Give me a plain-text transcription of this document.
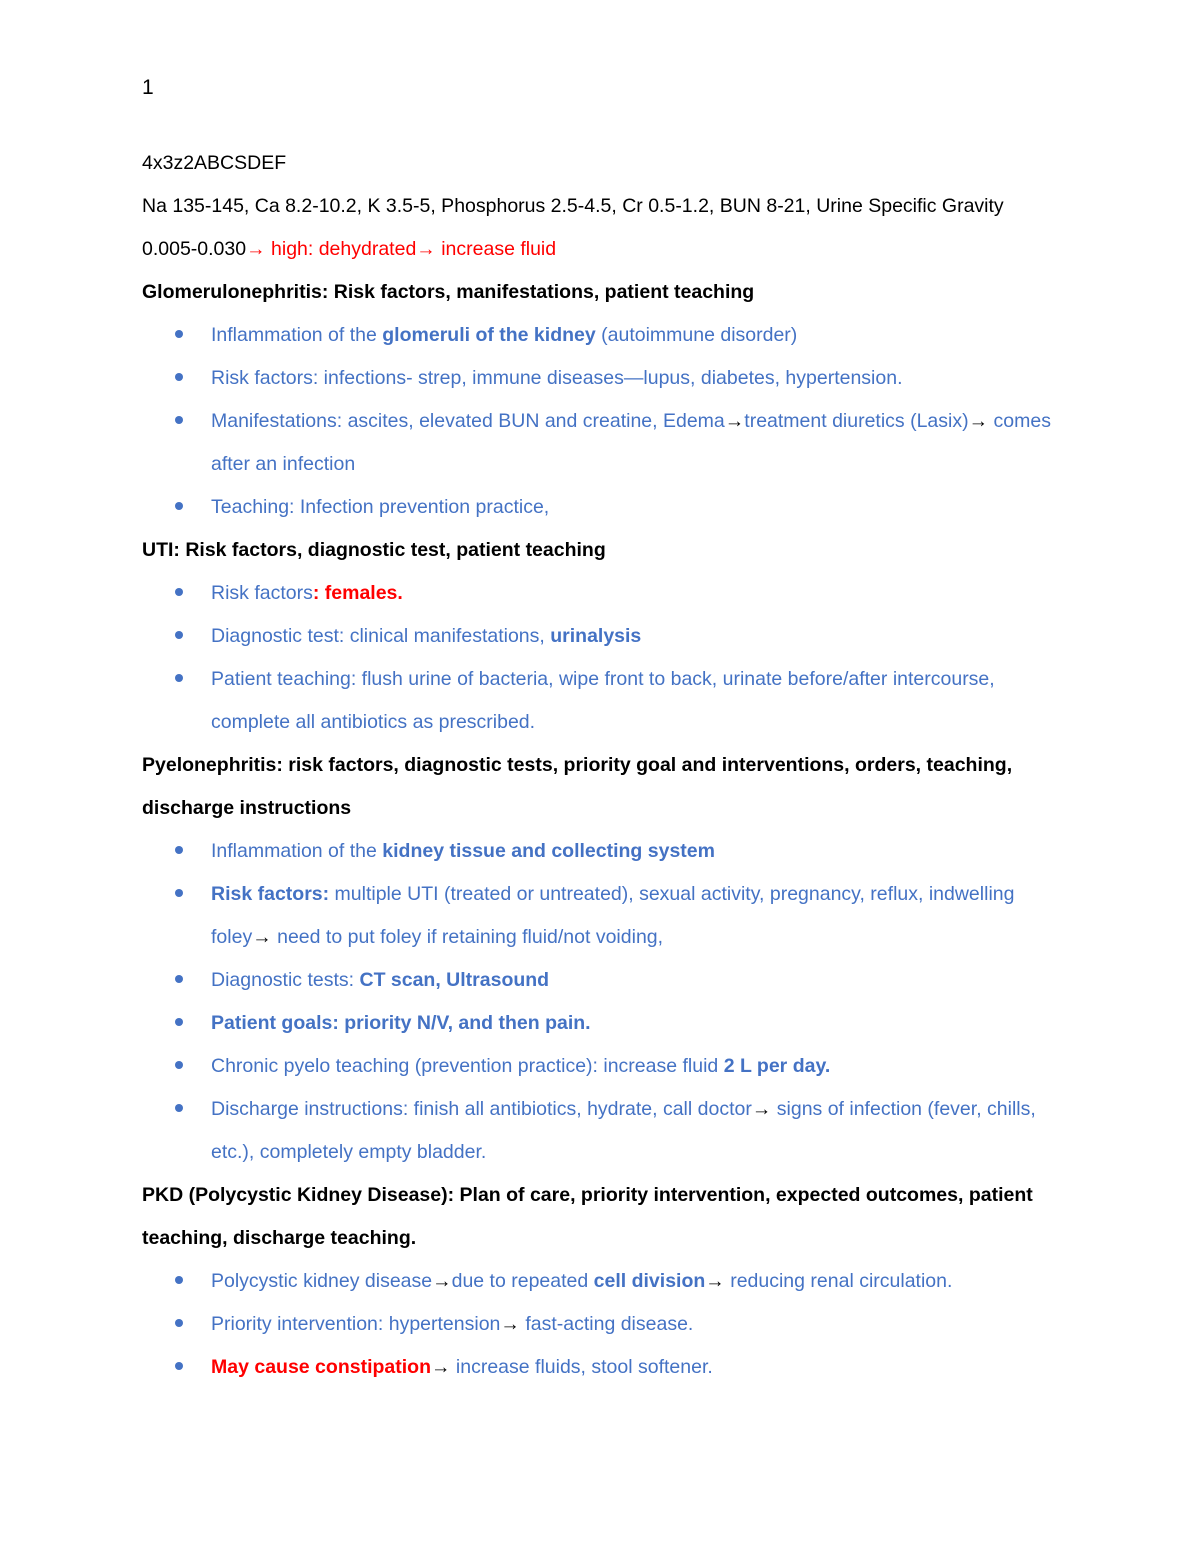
1

4x3z2ABCSDEF

Na 135-145, Ca 8.2-10.2, K 3.5-5, Phosphorus 2.5-4.5, Cr 0.5-1.2, BUN 8-21, Urine Specific Gravity 0.005-0.030→ high: dehydrated→ increase fluid

Glomerulonephritis: Risk factors, manifestations, patient teaching

Inflammation of the glomeruli of the kidney (autoimmune disorder)
Risk factors: infections- strep, immune diseases—lupus, diabetes, hypertension.
Manifestations: ascites, elevated BUN and creatine, Edema→treatment diuretics (Lasix)→ comes after an infection
Teaching: Infection prevention practice,

UTI: Risk factors, diagnostic test, patient teaching

Risk factors: females.
Diagnostic test: clinical manifestations, urinalysis
Patient teaching: flush urine of bacteria, wipe front to back, urinate before/after intercourse, complete all antibiotics as prescribed.

Pyelonephritis: risk factors, diagnostic tests, priority goal and interventions, orders, teaching, discharge instructions

Inflammation of the kidney tissue and collecting system
Risk factors: multiple UTI (treated or untreated), sexual activity, pregnancy, reflux, indwelling foley→ need to put foley if retaining fluid/not voiding,
Diagnostic tests: CT scan, Ultrasound
Patient goals: priority N/V, and then pain.
Chronic pyelo teaching (prevention practice): increase fluid 2 L per day.
Discharge instructions: finish all antibiotics, hydrate, call doctor→ signs of infection (fever, chills, etc.), completely empty bladder.

PKD (Polycystic Kidney Disease): Plan of care, priority intervention, expected outcomes, patient teaching, discharge teaching.

Polycystic kidney disease→due to repeated cell division→ reducing renal circulation.
Priority intervention: hypertension→ fast-acting disease.
May cause constipation→ increase fluids, stool softener.
